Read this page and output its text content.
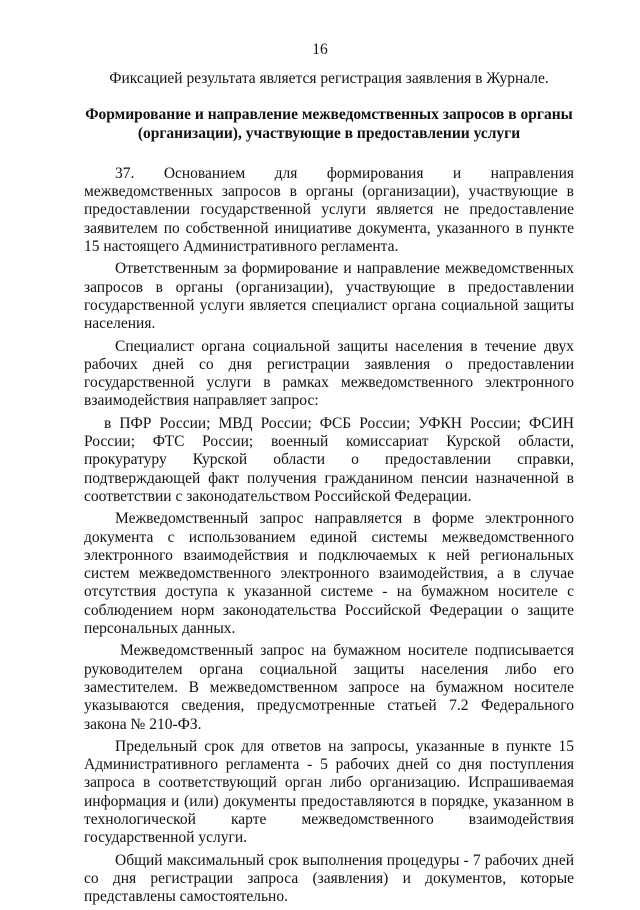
16

Фиксацией результата является регистрация заявления в Журнале.

Формирование и направление межведомственных запросов в органы (организации), участвующие в предоставлении услуги

37. Основанием для формирования и направления межведомственных запросов в органы (организации), участвующие в предоставлении государственной услуги является не предоставление заявителем по собственной инициативе документа, указанного в пункте 15 настоящего Административного регламента.

Ответственным за формирование и направление межведомственных запросов в органы (организации), участвующие в предоставлении государственной услуги является специалист органа социальной защиты населения.

Специалист органа социальной защиты населения в течение двух рабочих дней со дня регистрации заявления о предоставлении государственной услуги в рамках межведомственного электронного взаимодействия направляет запрос:

в ПФР России; МВД России; ФСБ России; УФКН России; ФСИН России; ФТС России; военный комиссариат Курской области, прокуратуру Курской области о предоставлении справки, подтверждающей факт получения гражданином пенсии назначенной в соответствии с законодательством Российской Федерации.

Межведомственный запрос направляется в форме электронного документа с использованием единой системы межведомственного электронного взаимодействия и подключаемых к ней региональных систем межведомственного электронного взаимодействия, а в случае отсутствия доступа к указанной системе - на бумажном носителе с соблюдением норм законодательства Российской Федерации о защите персональных данных.

Межведомственный запрос на бумажном носителе подписывается руководителем органа социальной защиты населения либо его заместителем. В межведомственном запросе на бумажном носителе указываются сведения, предусмотренные статьей 7.2 Федерального закона № 210-ФЗ.

Предельный срок для ответов на запросы, указанные в пункте 15 Административного регламента - 5 рабочих дней со дня поступления запроса в соответствующий орган либо организацию. Испрашиваемая информация и (или) документы предоставляются в порядке, указанном в технологической карте межведомственного взаимодействия государственной услуги.

Общий максимальный срок выполнения процедуры - 7 рабочих дней со дня регистрации запроса (заявления) и документов, которые представлены самостоятельно.
